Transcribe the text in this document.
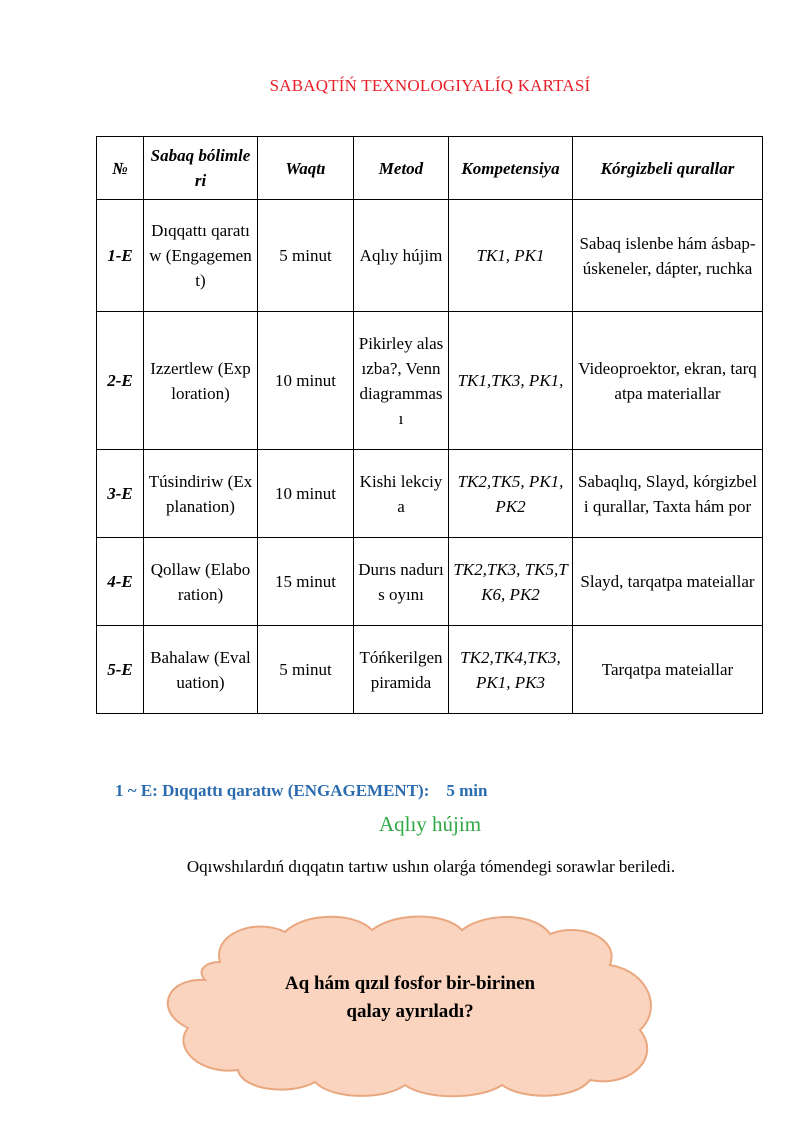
SABAQTÍŃ TEXNOLOGIYALÍQ KARTASÍ
№	Sabaq bólimleri	Waqtı	Metod	Kompetensiya	Kórgizbeli qurallar
1-E	Dıqqattı qaratıw (Engagement)	5 minut	Aqlıy hújim	TK1, PK1	Sabaq islenbe hám ásbap-úskeneler, dápter, ruchka
2-E	Izzertlew (Exploration)	10 minut	Pikirley alasızba?, Venn diagramması	TK1,TK3, PK1,	Videoproektor, ekran, tarqatpa materiallar
3-E	Túsindiriw (Explanation)	10 minut	Kishi lekciya	TK2,TK5, PK1, PK2	Sabaqlıq, Slayd, kórgizbeli qurallar, Taxta hám por
4-E	Qollaw (Elaboration)	15 minut	Durıs nadurıs oyını	TK2,TK3, TK5,TK6, PK2	Slayd, tarqatpa mateiallar
5-E	Bahalaw (Evaluation)	5 minut	Tóńkerilgen piramida	TK2,TK4,TK3, PK1, PK3	Tarqatpa mateiallar
1 ~ E: Dıqqattı qaratıw (ENGAGEMENT):    5 min
Aqlıy hújim
Oqıwshılardıń dıqqatın tartıw ushın olarǵa tómendegi sorawlar beriledi.
Aq hám qızıl fosfor bir-birinen
qalay ayırıladı?
